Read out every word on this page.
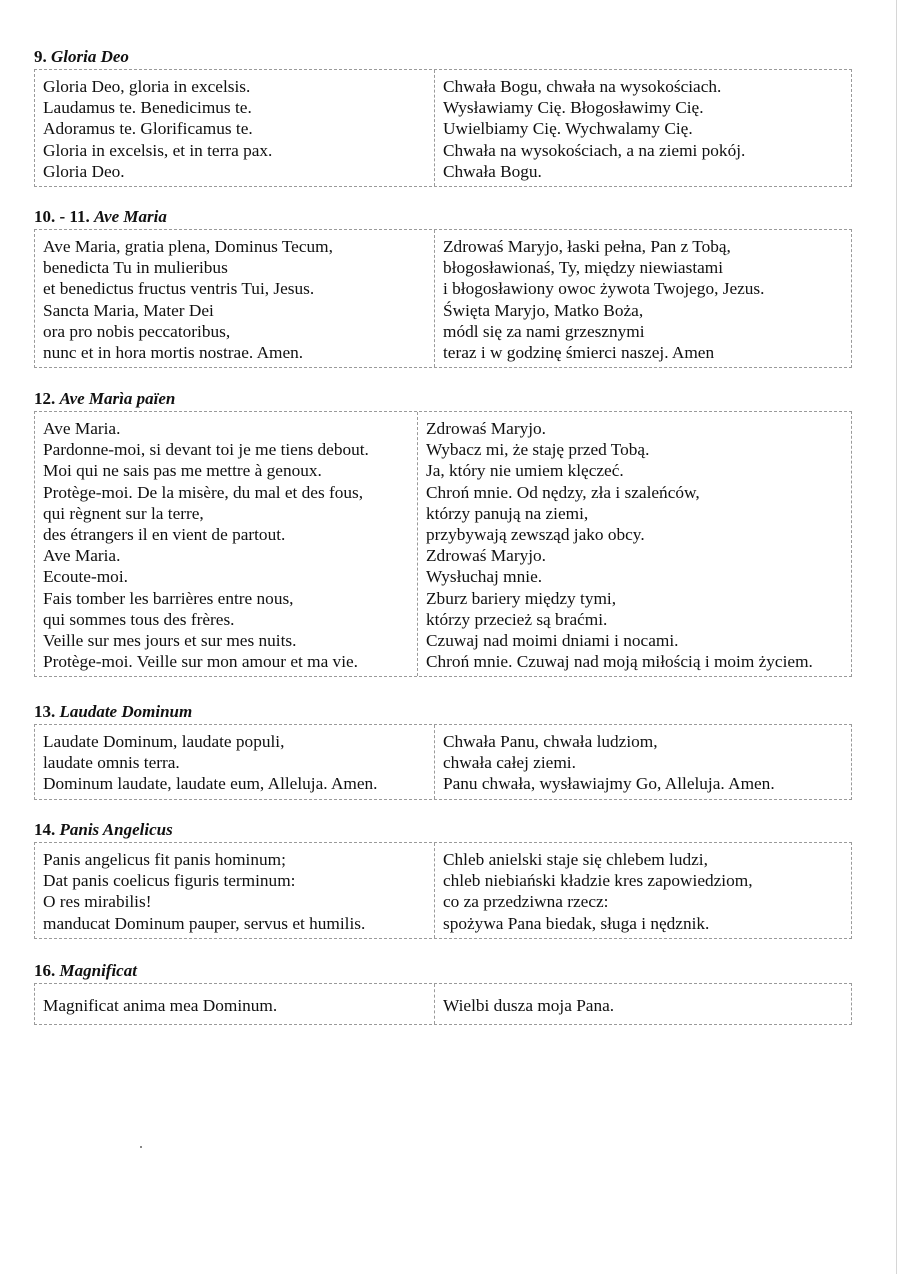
9. Gloria Deo
Gloria Deo, gloria in excelsis.
Laudamus te. Benedicimus te.
Adoramus te. Glorificamus te.
Gloria in excelsis, et in terra pax.
Gloria Deo.
Chwała Bogu, chwała na wysokościach.
Wysławiamy Cię. Błogosławimy Cię.
Uwielbiamy Cię. Wychwalamy Cię.
Chwała na wysokościach, a na ziemi pokój.
Chwała Bogu.
10. - 11. Ave Maria
Ave Maria, gratia plena, Dominus Tecum,
benedicta Tu in mulieribus
et benedictus fructus ventris Tui, Jesus.
Sancta Maria, Mater Dei
ora pro nobis peccatoribus,
nunc et in hora mortis nostrae. Amen.
Zdrowaś Maryjo, łaski pełna, Pan z Tobą,
błogosławionaś, Ty, między niewiastami
i błogosławiony owoc żywota Twojego, Jezus.
Święta Maryjo, Matko Boża,
módl się za nami grzesznymi
teraz i w godzinę śmierci naszej. Amen
12. Ave Marìa païen
Ave Maria.
Pardonne-moi, si devant toi je me tiens debout.
Moi qui ne sais pas me mettre à genoux.
Protège-moi. De la misère, du mal et des fous,
qui règnent sur la terre,
des étrangers il en vient de partout.
Ave Maria.
Ecoute-moi.
Fais tomber les barrières entre nous,
qui sommes tous des frères.
Veille sur mes jours et sur mes nuits.
Protège-moi. Veille sur mon amour et ma vie.
Zdrowaś Maryjo.
Wybacz mi, że staję przed Tobą.
Ja, który nie umiem klęczeć.
Chroń mnie. Od nędzy, zła i szaleńców,
którzy panują na ziemi,
przybywają zewsząd jako obcy.
Zdrowaś Maryjo.
Wysłuchaj mnie.
Zburz bariery między tymi,
którzy przecież są braćmi.
Czuwaj nad moimi dniami i nocami.
Chroń mnie. Czuwaj nad moją miłością i moim życiem.
13. Laudate Dominum
Laudate Dominum, laudate populi,
laudate omnis terra.
Dominum laudate, laudate eum, Alleluja. Amen.
Chwała Panu, chwała ludziom,
chwała całej ziemi.
Panu chwała, wysławiajmy Go, Alleluja. Amen.
14. Panis Angelicus
Panis angelicus fit panis hominum;
Dat panis coelicus figuris terminum:
O res mirabilis!
manducat Dominum pauper, servus et humilis.
Chleb anielski staje się chlebem ludzi,
chleb niebiański kładzie kres zapowiedziom,
co za przedziwna rzecz:
spożywa Pana biedak, sługa i nędznik.
16. Magnificat
Magnificat anima mea Dominum.	Wielbi dusza moja Pana.
